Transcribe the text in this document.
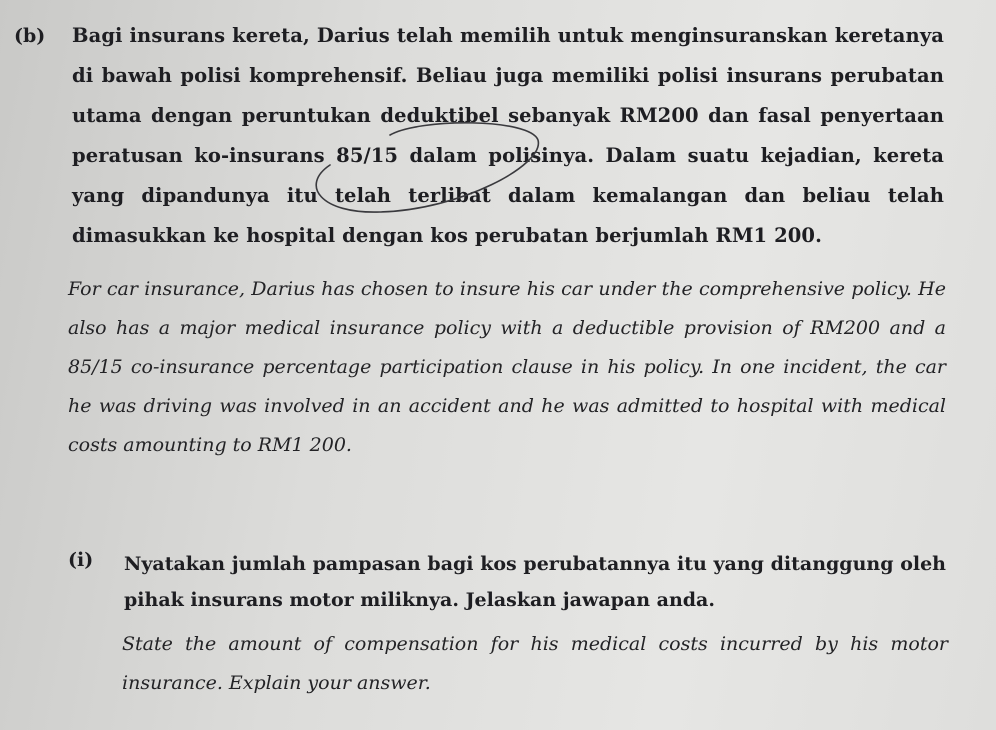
(b) Bagi insurans kereta, Darius telah memilih untuk menginsuranskan keretanya di bawah polisi komprehensif. Beliau juga memiliki polisi insurans perubatan utama dengan peruntukan deduktibel sebanyak RM200 dan fasal penyertaan peratusan ko-insurans 85/15 dalam polisinya. Dalam suatu kejadian, kereta yang dipandunya itu telah terlibat dalam kemalangan dan beliau telah dimasukkan ke hospital dengan kos perubatan berjumlah RM1 200.
For car insurance, Darius has chosen to insure his car under the comprehensive policy. He also has a major medical insurance policy with a deductible provision of RM200 and a 85/15 co-insurance percentage participation clause in his policy. In one incident, the car he was driving was involved in an accident and he was admitted to hospital with medical costs amounting to RM1 200.
(i) Nyatakan jumlah pampasan bagi kos perubatannya itu yang ditanggung oleh pihak insurans motor miliknya. Jelaskan jawapan anda.
State the amount of compensation for his medical costs incurred by his motor insurance. Explain your answer.
